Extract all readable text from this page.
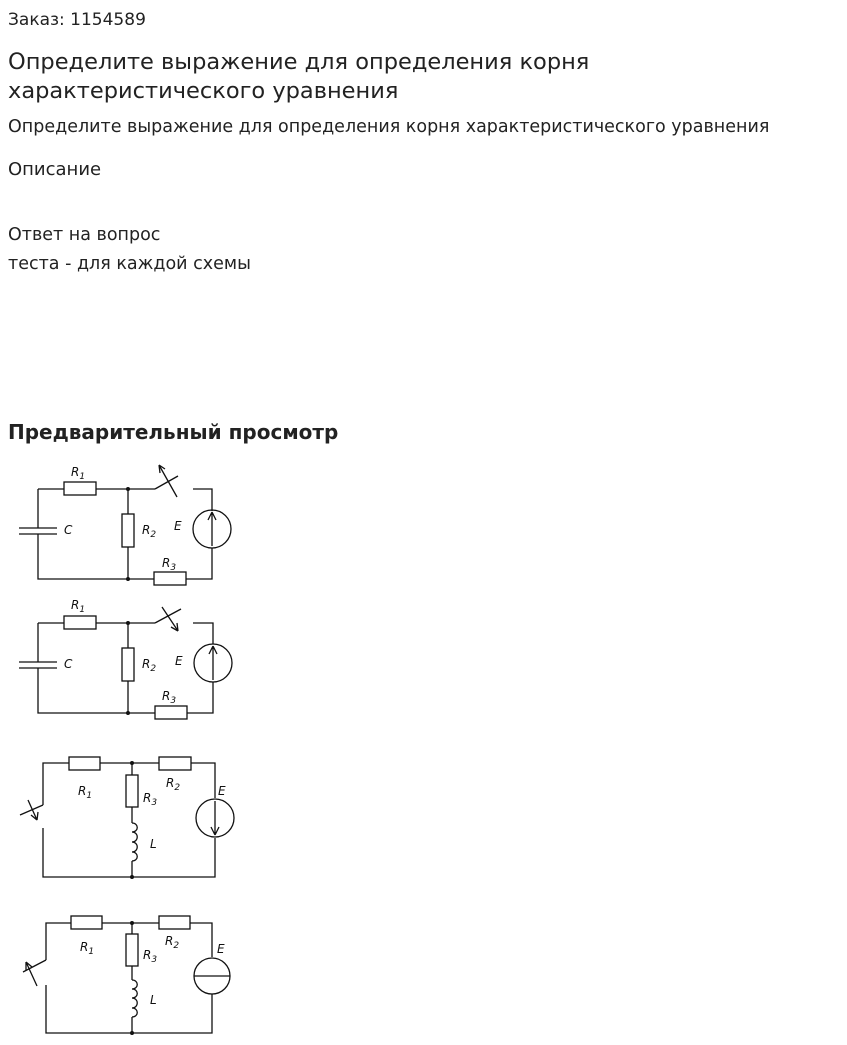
Заказ: 1154589
Определите выражение для определения корня характеристического уравнения
Определите выражение для определения корня характеристического уравнения
Описание
Ответ на вопрос
теста - для каждой схемы
Предварительный просмотр
$R_1$
C	$R_2$
E
$R_3$
$R_1$
C	$R_2$
E
$R_3$
$R_1$
$R_2$
$R_3$
E
L
$R_1$
$R_2$
$R_3$
E
L
